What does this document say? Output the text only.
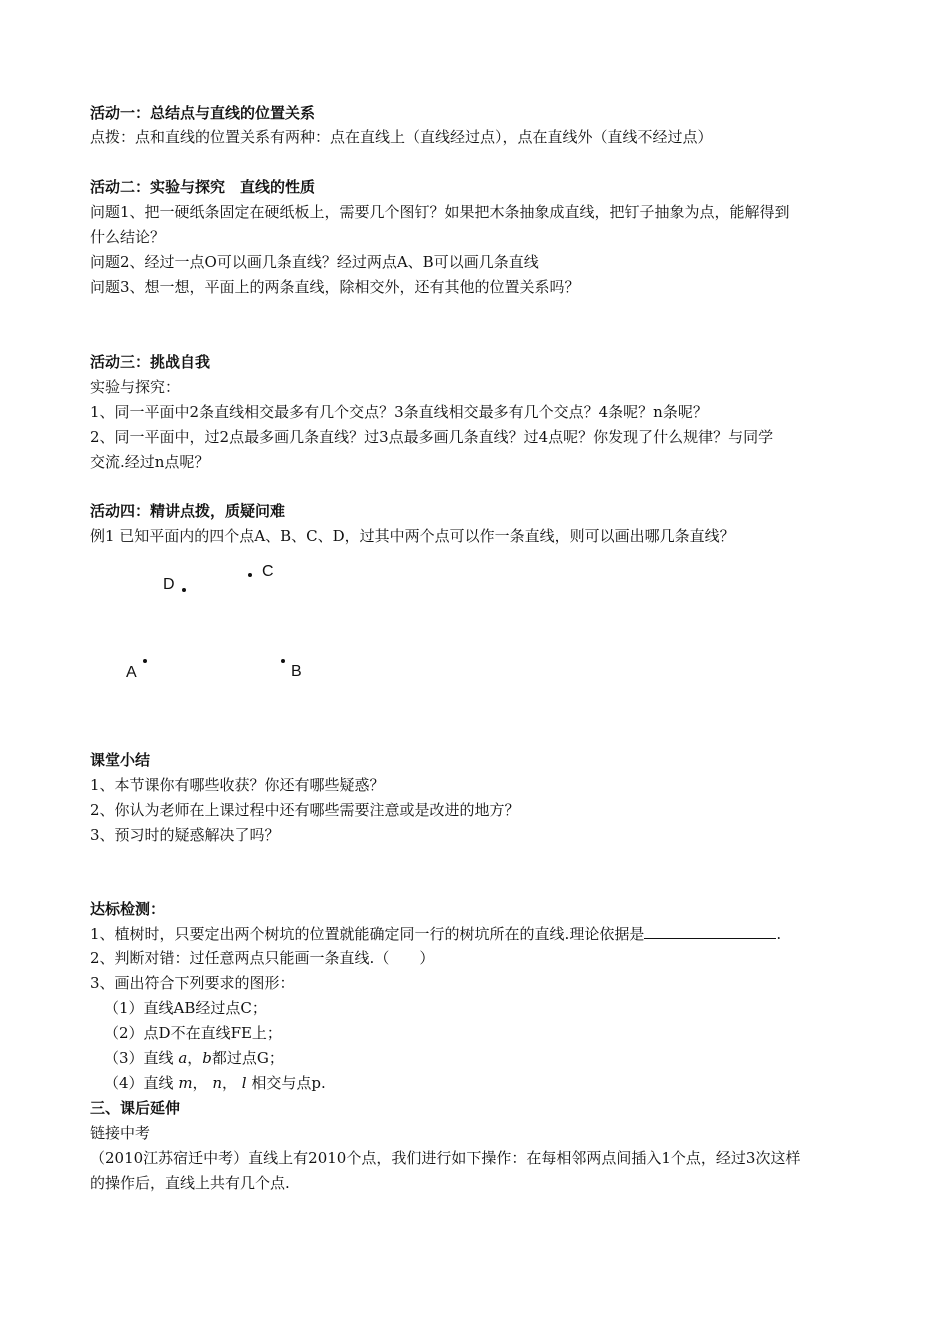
活动一：总结点与直线的位置关系
点拨：点和直线的位置关系有两种：点在直线上（直线经过点），点在直线外（直线不经过点）
活动二：实验与探究　直线的性质
问题1、把一硬纸条固定在硬纸板上，需要几个图钉？如果把木条抽象成直线，把钉子抽象为点，能解得到
什么结论？
问题2、经过一点O可以画几条直线？经过两点A、B可以画几条直线
问题3、想一想，平面上的两条直线，除相交外，还有其他的位置关系吗？
活动三：挑战自我
实验与探究：
1、同一平面中2条直线相交最多有几个交点？3条直线相交最多有几个交点？4条呢？n条呢？
2、同一平面中，过2点最多画几条直线？过3点最多画几条直线？过4点呢？你发现了什么规律？与同学
交流.经过n点呢？
活动四：精讲点拨，质疑问难
例1 已知平面内的四个点A、B、C、D，过其中两个点可以作一条直线，则可以画出哪几条直线？
D
C
A	B
课堂小结
1、本节课你有哪些收获？你还有哪些疑惑？
2、你认为老师在上课过程中还有哪些需要注意或是改进的地方？
3、预习时的疑惑解决了吗？
达标检测：
1、植树时，只要定出两个树坑的位置就能确定同一行的树坑所在的直线.理论依据是	.
2、判断对错：过任意两点只能画一条直线.（　　）
3、画出符合下列要求的图形：
（1）直线AB经过点C；
（2）点D不在直线FE上；
（3）直线 a，b都过点G；
（4）直线 m， n， l 相交与点p.
三、课后延伸
链接中考
（2010江苏宿迁中考）直线上有2010个点，我们进行如下操作：在每相邻两点间插入1个点，经过3次这样
的操作后，直线上共有几个点.
